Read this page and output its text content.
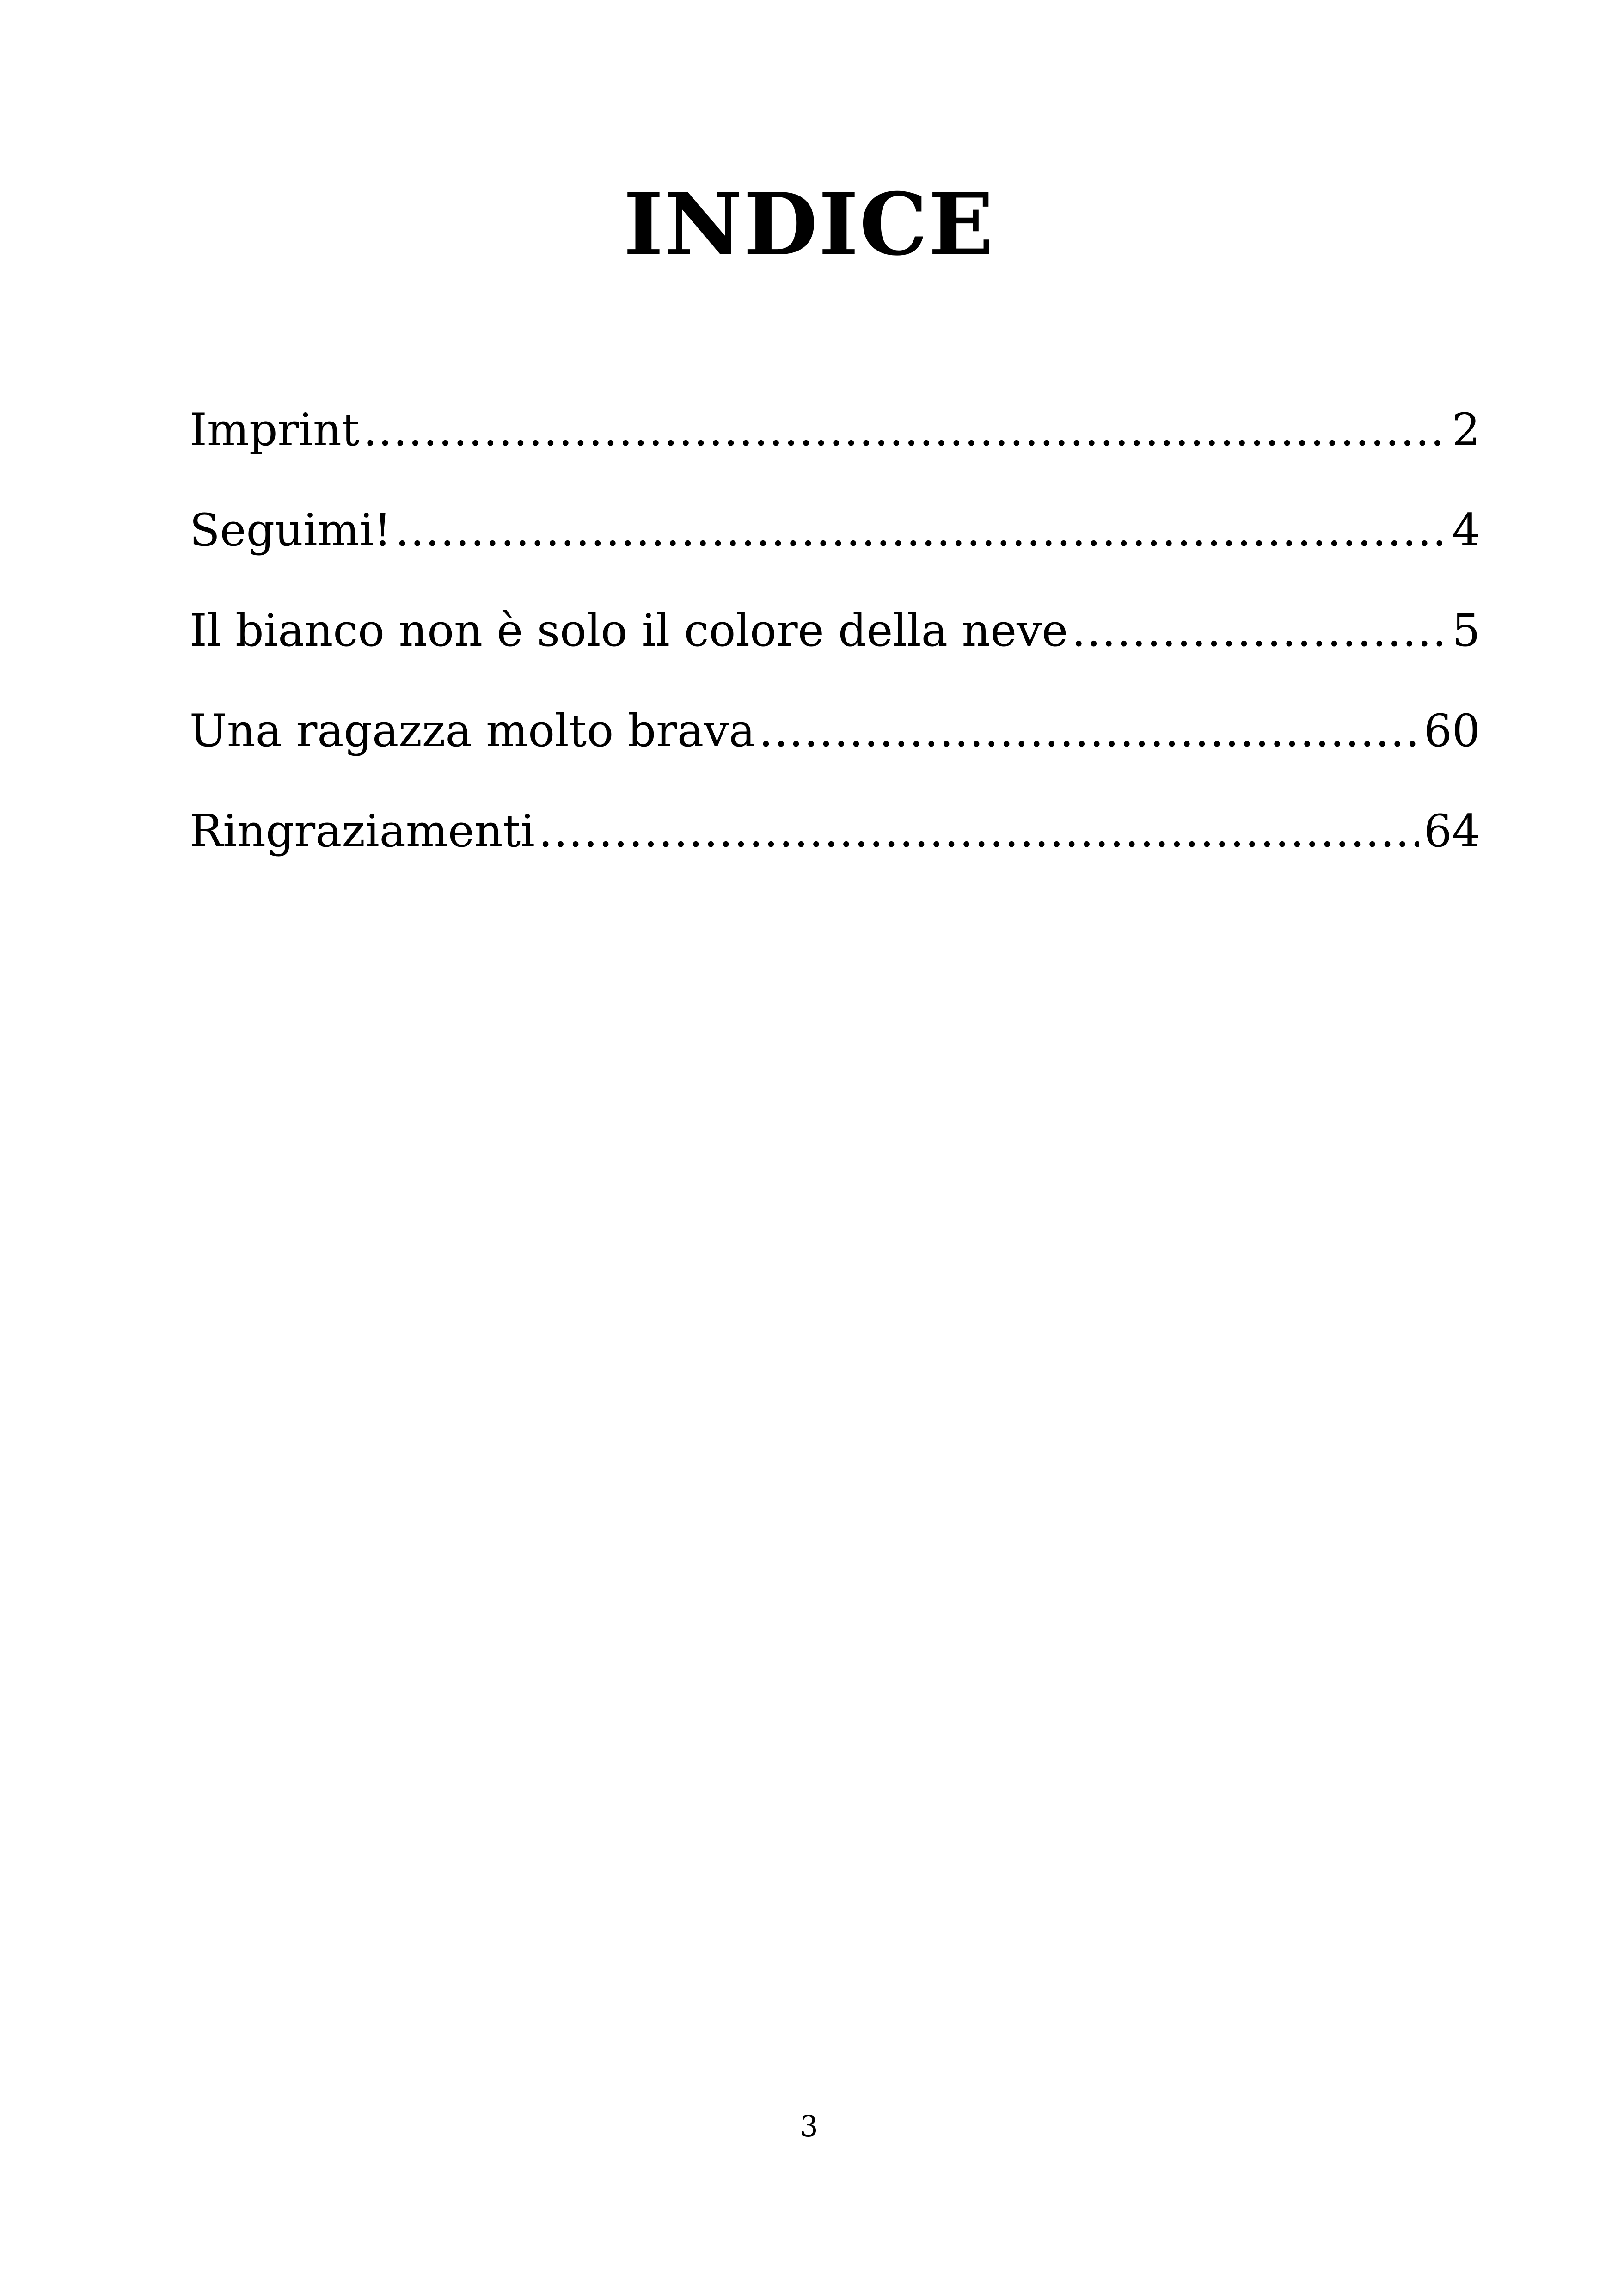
INDICE
Imprint .....	2
Seguimi! .....	4
Il bianco non è solo il colore della neve .....	5
Una ragazza molto brava .....	60
Ringraziamenti .....	64
3
